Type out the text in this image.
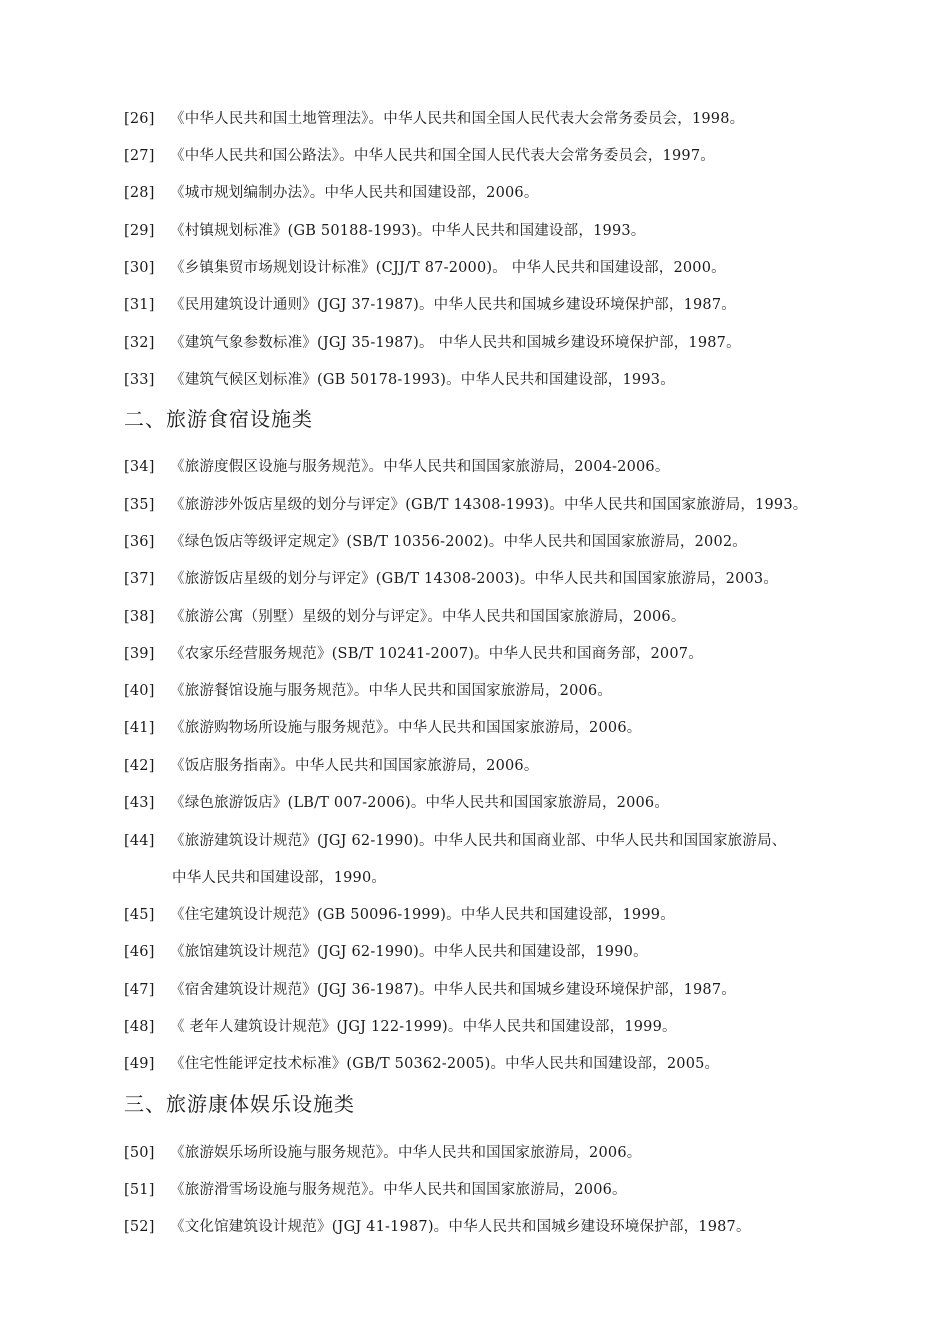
[26] 《中华人民共和国土地管理法》。中华人民共和国全国人民代表大会常务委员会，1998。
[27] 《中华人民共和国公路法》。中华人民共和国全国人民代表大会常务委员会，1997。
[28] 《城市规划编制办法》。中华人民共和国建设部，2006。
[29] 《村镇规划标准》(GB 50188-1993)。中华人民共和国建设部，1993。
[30] 《乡镇集贸市场规划设计标准》(CJJ/T 87-2000)。 中华人民共和国建设部，2000。
[31] 《民用建筑设计通则》(JGJ 37-1987)。中华人民共和国城乡建设环境保护部，1987。
[32] 《建筑气象参数标准》(JGJ 35-1987)。 中华人民共和国城乡建设环境保护部，1987。
[33] 《建筑气候区划标准》(GB 50178-1993)。中华人民共和国建设部，1993。
二、旅游食宿设施类
[34] 《旅游度假区设施与服务规范》。中华人民共和国国家旅游局，2004-2006。
[35] 《旅游涉外饭店星级的划分与评定》(GB/T 14308-1993)。中华人民共和国国家旅游局，1993。
[36] 《绿色饭店等级评定规定》(SB/T 10356-2002)。中华人民共和国国家旅游局，2002。
[37] 《旅游饭店星级的划分与评定》(GB/T 14308-2003)。中华人民共和国国家旅游局，2003。
[38] 《旅游公寓（别墅）星级的划分与评定》。中华人民共和国国家旅游局，2006。
[39] 《农家乐经营服务规范》(SB/T 10241-2007)。中华人民共和国商务部，2007。
[40] 《旅游餐馆设施与服务规范》。中华人民共和国国家旅游局，2006。
[41] 《旅游购物场所设施与服务规范》。中华人民共和国国家旅游局，2006。
[42] 《饭店服务指南》。中华人民共和国国家旅游局，2006。
[43] 《绿色旅游饭店》(LB/T 007-2006)。中华人民共和国国家旅游局，2006。
[44] 《旅游建筑设计规范》(JGJ 62-1990)。中华人民共和国商业部、中华人民共和国国家旅游局、
中华人民共和国建设部，1990。
[45] 《住宅建筑设计规范》(GB 50096-1999)。中华人民共和国建设部，1999。
[46] 《旅馆建筑设计规范》(JGJ 62-1990)。中华人民共和国建设部，1990。
[47] 《宿舍建筑设计规范》(JGJ 36-1987)。中华人民共和国城乡建设环境保护部，1987。
[48] 《 老年人建筑设计规范》(JGJ 122-1999)。中华人民共和国建设部，1999。
[49] 《住宅性能评定技术标准》(GB/T 50362-2005)。中华人民共和国建设部，2005。
三、旅游康体娱乐设施类
[50] 《旅游娱乐场所设施与服务规范》。中华人民共和国国家旅游局，2006。
[51] 《旅游滑雪场设施与服务规范》。中华人民共和国国家旅游局，2006。
[52] 《文化馆建筑设计规范》(JGJ 41-1987)。中华人民共和国城乡建设环境保护部，1987。
